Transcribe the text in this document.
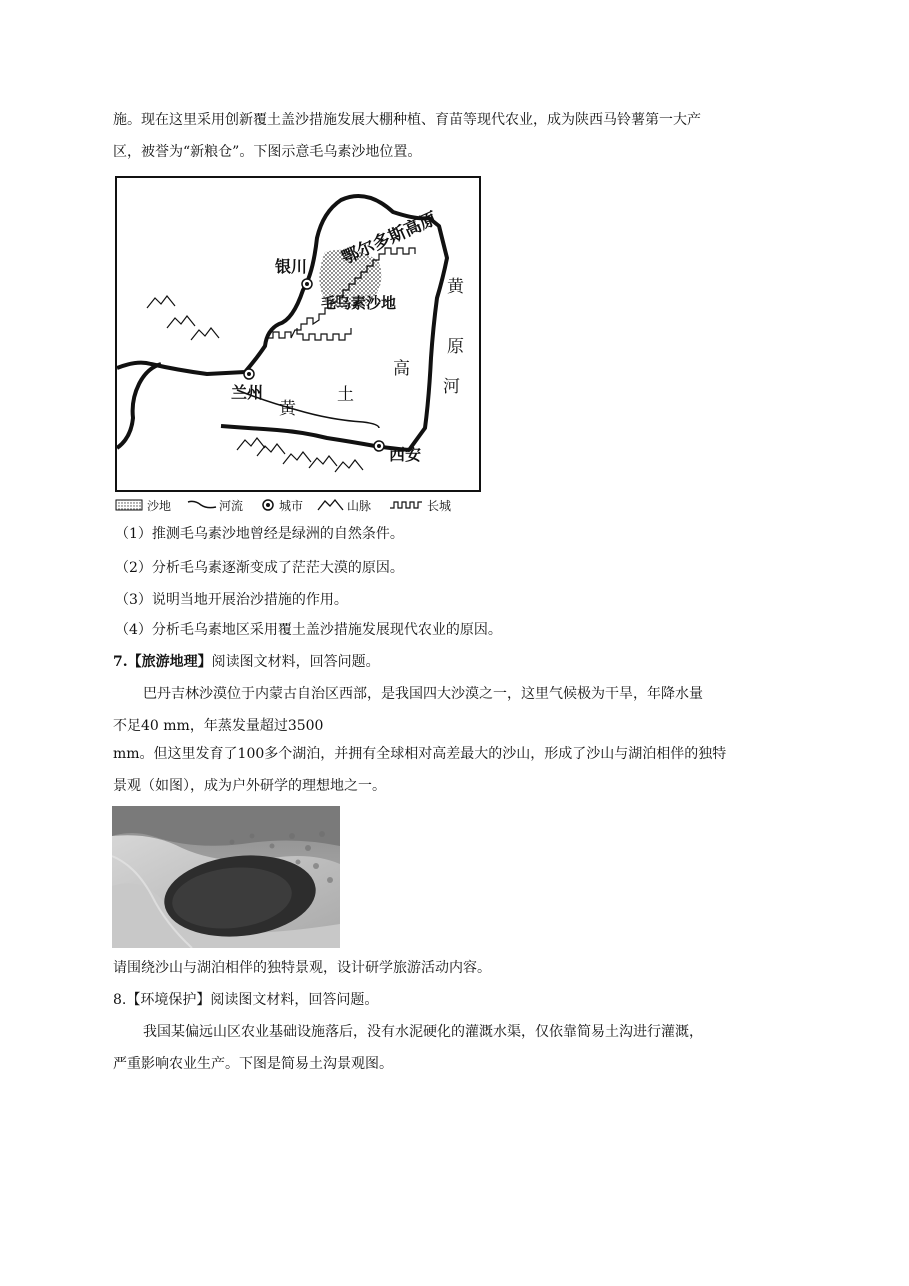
施。现在这里采用创新覆土盖沙措施发展大棚种植、育苗等现代农业，成为陕西马铃薯第一大产
区，被誉为“新粮仓”。下图示意毛乌素沙地位置。
鄂尔多斯高原
银川
毛乌素沙地
高
黄
原
河
兰州
黄
土
西安
沙地	河流	城市	山脉	长城
（1）推测毛乌素沙地曾经是绿洲的自然条件。
（2）分析毛乌素逐渐变成了茫茫大漠的原因。
（3）说明当地开展治沙措施的作用。
（4）分析毛乌素地区采用覆土盖沙措施发展现代农业的原因。
7.【旅游地理】阅读图文材料，回答问题。
巴丹吉林沙漠位于内蒙古自治区西部，是我国四大沙漠之一，这里气候极为干旱，年降水量
不足40 mm，年蒸发量超过3500
mm。但这里发育了100多个湖泊，并拥有全球相对高差最大的沙山，形成了沙山与湖泊相伴的独特
景观（如图），成为户外研学的理想地之一。
请围绕沙山与湖泊相伴的独特景观，设计研学旅游活动内容。
8.【环境保护】阅读图文材料，回答问题。
我国某偏远山区农业基础设施落后，没有水泥硬化的灌溉水渠，仅依靠简易土沟进行灌溉，
严重影响农业生产。下图是简易土沟景观图。
